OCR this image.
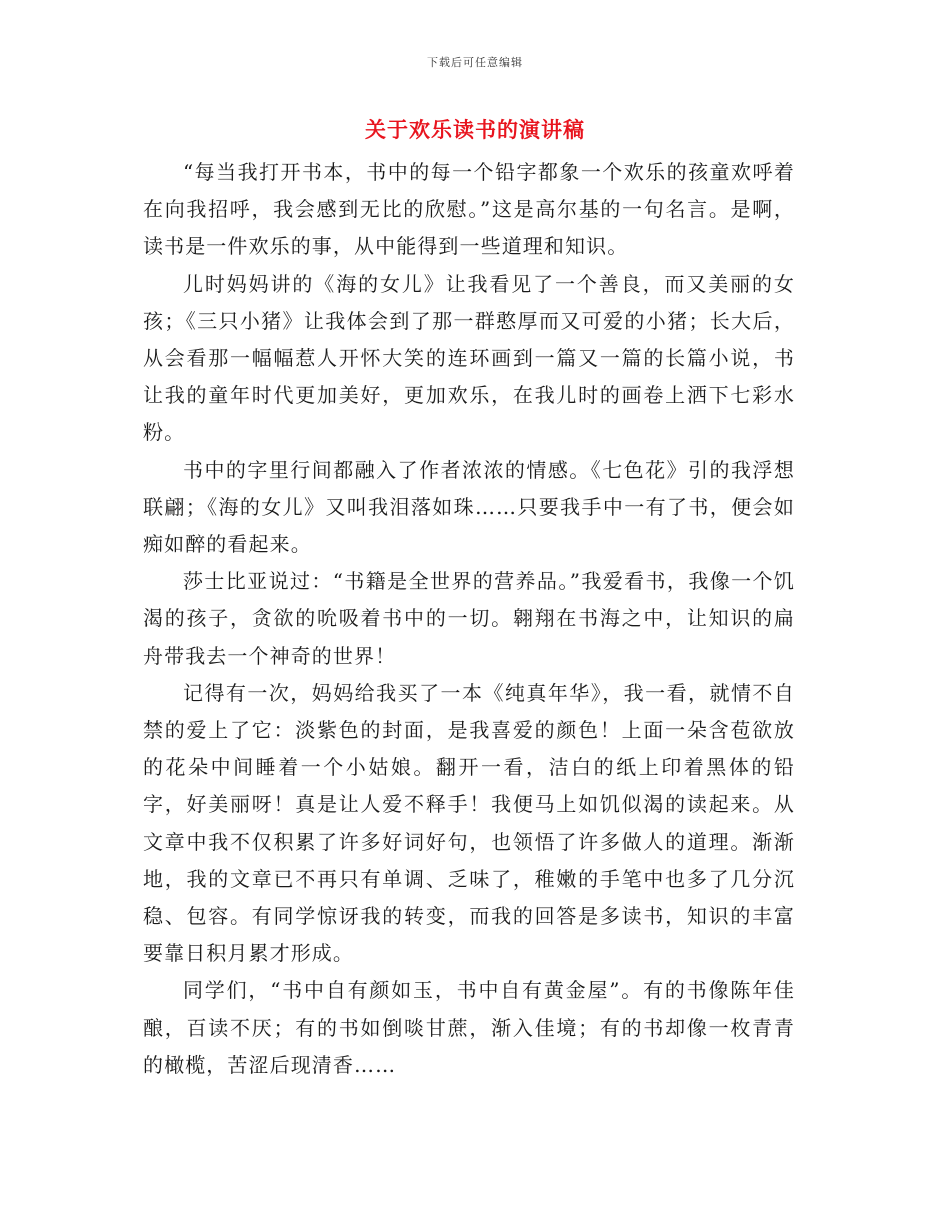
下载后可任意编辑
关于欢乐读书的演讲稿

“每当我打开书本，书中的每一个铅字都象一个欢乐的孩童欢呼着在向我招呼，我会感到无比的欣慰。”这是高尔基的一句名言。是啊，读书是一件欢乐的事，从中能得到一些道理和知识。

儿时妈妈讲的《海的女儿》让我看见了一个善良，而又美丽的女孩；《三只小猪》让我体会到了那一群憨厚而又可爱的小猪；长大后，从会看那一幅幅惹人开怀大笑的连环画到一篇又一篇的长篇小说，书让我的童年时代更加美好，更加欢乐，在我儿时的画卷上洒下七彩水粉。

书中的字里行间都融入了作者浓浓的情感。《七色花》引的我浮想联翩；《海的女儿》又叫我泪落如珠……只要我手中一有了书，便会如痴如醉的看起来。

莎士比亚说过：“书籍是全世界的营养品。”我爱看书，我像一个饥渴的孩子，贪欲的吮吸着书中的一切。翱翔在书海之中，让知识的扁舟带我去一个神奇的世界！

记得有一次，妈妈给我买了一本《纯真年华》，我一看，就情不自禁的爱上了它：淡紫色的封面，是我喜爱的颜色！上面一朵含苞欲放的花朵中间睡着一个小姑娘。翻开一看，洁白的纸上印着黑体的铅字，好美丽呀！真是让人爱不释手！我便马上如饥似渴的读起来。从文章中我不仅积累了许多好词好句，也领悟了许多做人的道理。渐渐地，我的文章已不再只有单调、乏味了，稚嫩的手笔中也多了几分沉稳、包容。有同学惊讶我的转变，而我的回答是多读书，知识的丰富要靠日积月累才形成。

同学们，“书中自有颜如玉，书中自有黄金屋”。有的书像陈年佳酿，百读不厌；有的书如倒啖甘蔗，渐入佳境；有的书却像一枚青青的橄榄，苦涩后现清香……
